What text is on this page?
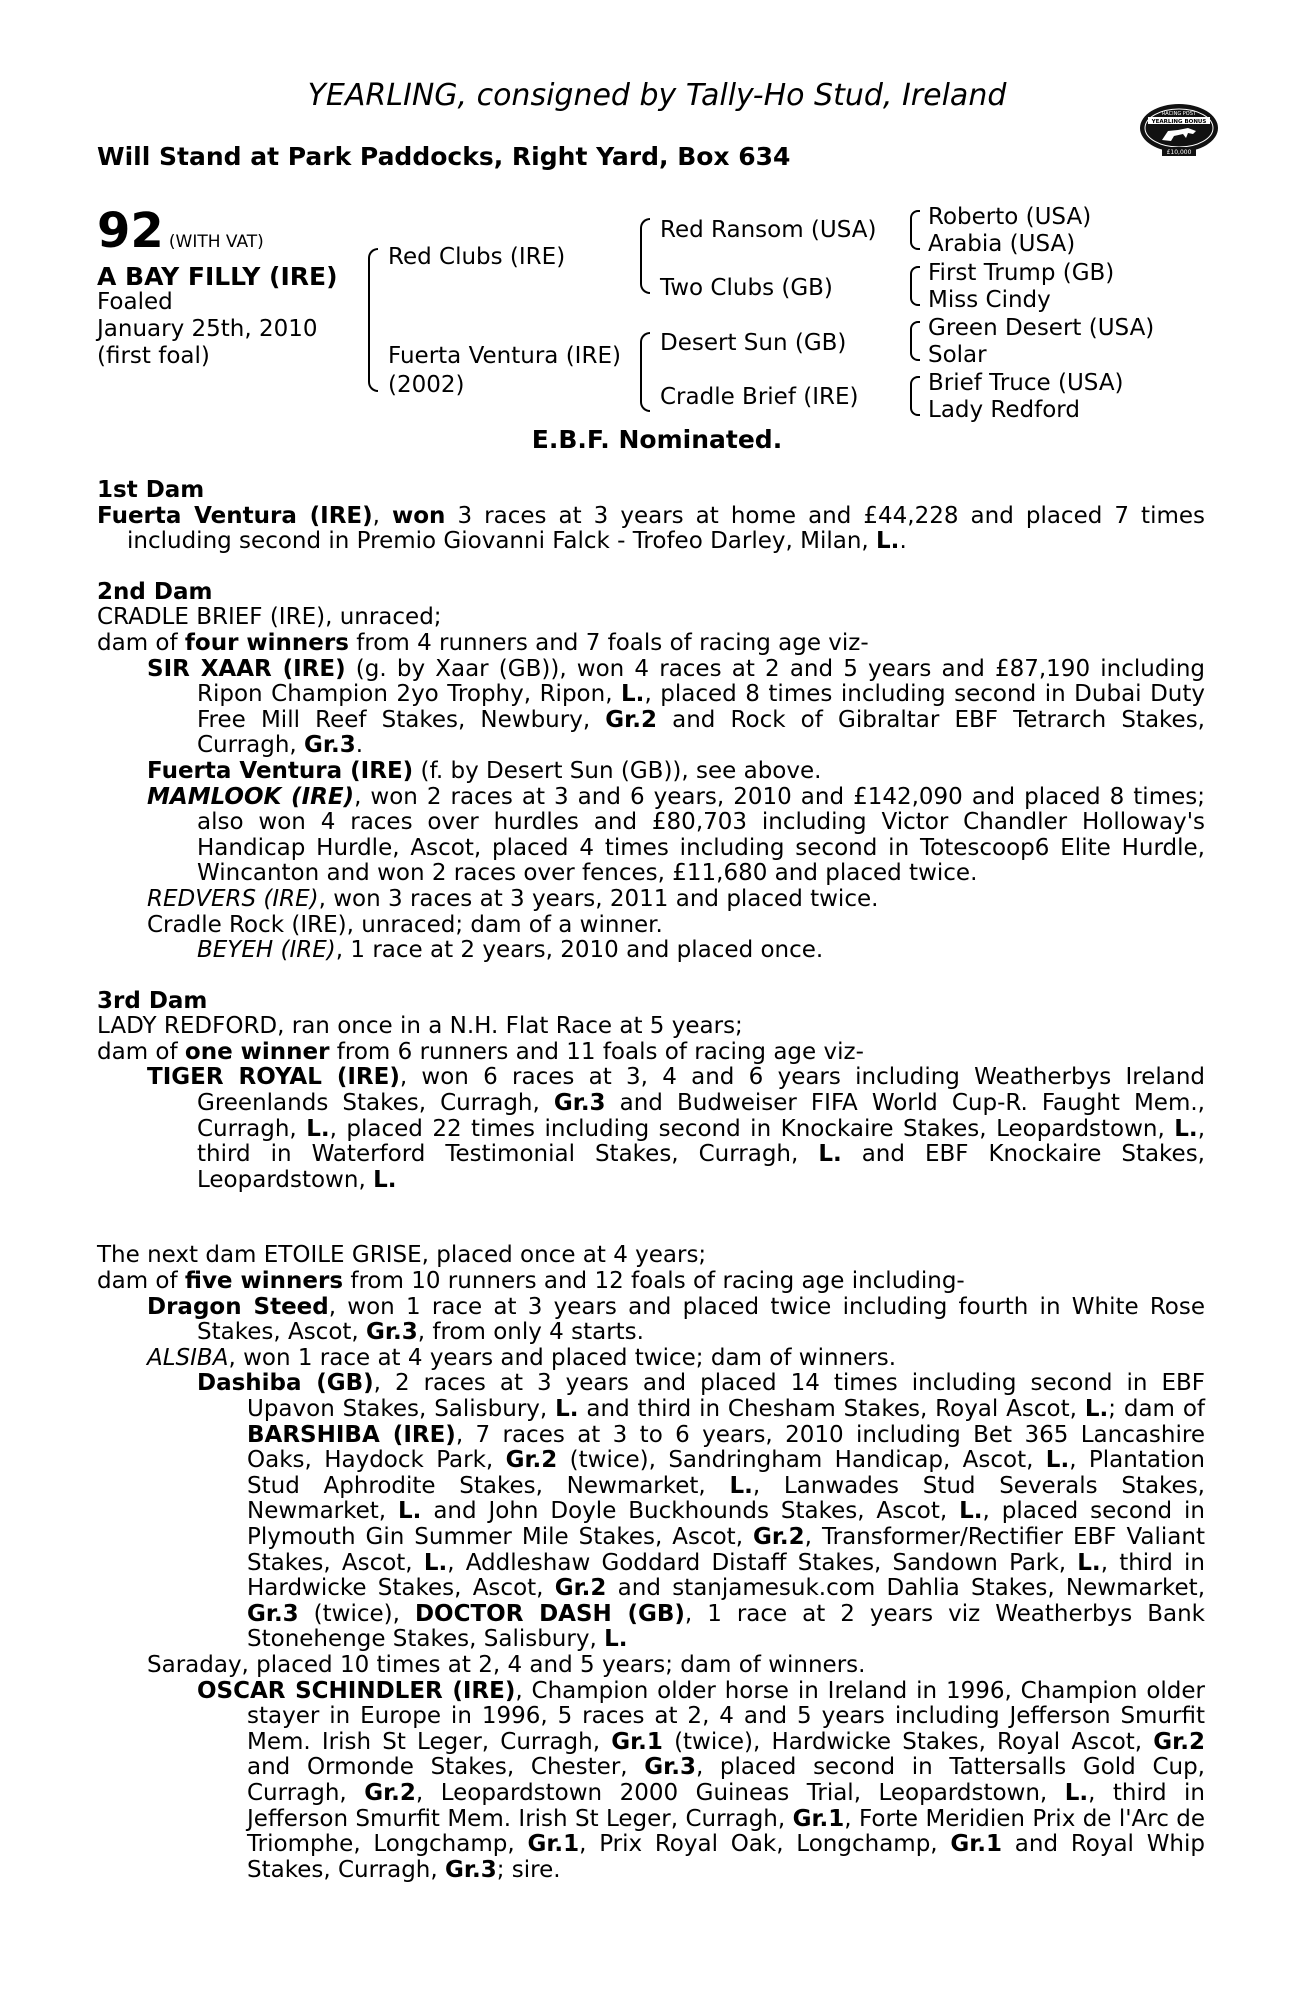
YEARLING, consigned by Tally-Ho Stud, Ireland
Will Stand at Park Paddocks, Right Yard, Box 634
RACING POST
YEARLING BONUS
£10,000
92 (WITH VAT)
A BAY FILLY (IRE)
Foaled
January 25th, 2010
(first foal)
Red Clubs (IRE)
Fuerta Ventura (IRE)
(2002)
Red Ransom (USA)
Two Clubs (GB)
Desert Sun (GB)
Cradle Brief (IRE)
Roberto (USA)
Arabia (USA)
First Trump (GB)
Miss Cindy
Green Desert (USA)
Solar
Brief Truce (USA)
Lady Redford
E.B.F. Nominated.

1st Dam

Fuerta Ventura (IRE), won 3 races at 3 years at home and £44,228 and placed 7 times including second in Premio Giovanni Falck - Trofeo Darley, Milan, L..

2nd Dam

CRADLE BRIEF (IRE), unraced;

dam of four winners from 4 runners and 7 foals of racing age viz-

SIR XAAR (IRE) (g. by Xaar (GB)), won 4 races at 2 and 5 years and £87,190 including Ripon Champion 2yo Trophy, Ripon, L., placed 8 times including second in Dubai Duty Free Mill Reef Stakes, Newbury, Gr.2 and Rock of Gibraltar EBF Tetrarch Stakes, Curragh, Gr.3.

Fuerta Ventura (IRE) (f. by Desert Sun (GB)), see above.

MAMLOOK (IRE), won 2 races at 3 and 6 years, 2010 and £142,090 and placed 8 times; also won 4 races over hurdles and £80,703 including Victor Chandler Holloway's Handicap Hurdle, Ascot, placed 4 times including second in Totescoop6 Elite Hurdle, Wincanton and won 2 races over fences, £11,680 and placed twice.

REDVERS (IRE), won 3 races at 3 years, 2011 and placed twice.

Cradle Rock (IRE), unraced; dam of a winner.

BEYEH (IRE), 1 race at 2 years, 2010 and placed once.

3rd Dam

LADY REDFORD, ran once in a N.H. Flat Race at 5 years;

dam of one winner from 6 runners and 11 foals of racing age viz-

TIGER ROYAL (IRE), won 6 races at 3, 4 and 6 years including Weatherbys Ireland Greenlands Stakes, Curragh, Gr.3 and Budweiser FIFA World Cup-R. Faught Mem., Curragh, L., placed 22 times including second in Knockaire Stakes, Leopardstown, L., third in Waterford Testimonial Stakes, Curragh, L. and EBF Knockaire Stakes, Leopardstown, L.

The next dam ETOILE GRISE, placed once at 4 years;

dam of five winners from 10 runners and 12 foals of racing age including-

Dragon Steed, won 1 race at 3 years and placed twice including fourth in White Rose Stakes, Ascot, Gr.3, from only 4 starts.

ALSIBA, won 1 race at 4 years and placed twice; dam of winners.

Dashiba (GB), 2 races at 3 years and placed 14 times including second in EBF Upavon Stakes, Salisbury, L. and third in Chesham Stakes, Royal Ascot, L.; dam of BARSHIBA (IRE), 7 races at 3 to 6 years, 2010 including Bet 365 Lancashire Oaks, Haydock Park, Gr.2 (twice), Sandringham Handicap, Ascot, L., Plantation Stud Aphrodite Stakes, Newmarket, L., Lanwades Stud Severals Stakes, Newmarket, L. and John Doyle Buckhounds Stakes, Ascot, L., placed second in Plymouth Gin Summer Mile Stakes, Ascot, Gr.2, Transformer/Rectifier EBF Valiant Stakes, Ascot, L., Addleshaw Goddard Distaff Stakes, Sandown Park, L., third in Hardwicke Stakes, Ascot, Gr.2 and stanjamesuk.com Dahlia Stakes, Newmarket, Gr.3 (twice), DOCTOR DASH (GB), 1 race at 2 years viz Weatherbys Bank Stonehenge Stakes, Salisbury, L.

Saraday, placed 10 times at 2, 4 and 5 years; dam of winners.

OSCAR SCHINDLER (IRE), Champion older horse in Ireland in 1996, Champion older stayer in Europe in 1996, 5 races at 2, 4 and 5 years including Jefferson Smurfit Mem. Irish St Leger, Curragh, Gr.1 (twice), Hardwicke Stakes, Royal Ascot, Gr.2 and Ormonde Stakes, Chester, Gr.3, placed second in Tattersalls Gold Cup, Curragh, Gr.2, Leopardstown 2000 Guineas Trial, Leopardstown, L., third in Jefferson Smurfit Mem. Irish St Leger, Curragh, Gr.1, Forte Meridien Prix de l'Arc de Triomphe, Longchamp, Gr.1, Prix Royal Oak, Longchamp, Gr.1 and Royal Whip Stakes, Curragh, Gr.3; sire.
